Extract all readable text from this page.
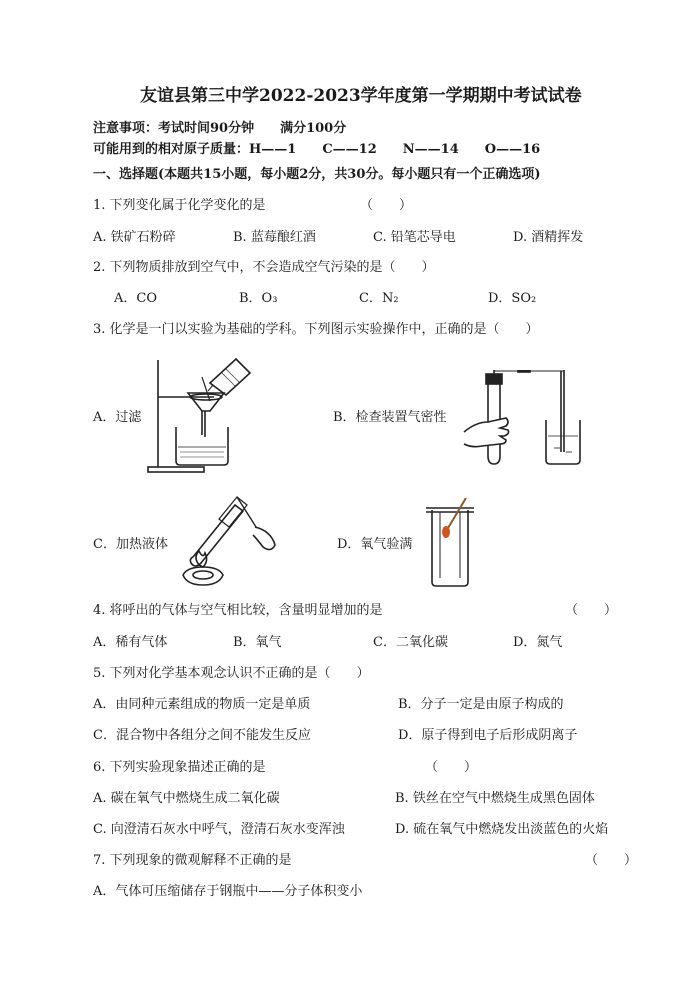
友谊县第三中学2022-2023学年度第一学期期中考试试卷
注意事项：考试时间90分钟　　满分100分
可能用到的相对原子质量：H——1　　C——12　　N——14　　O——16
一、选择题(本题共15小题，每小题2分，共30分。每小题只有一个正确选项)
1. 下列变化属于化学变化的是	（　　）
A. 铁矿石粉碎	B. 蓝莓酿红酒	C. 铅笔芯导电	D. 酒精挥发
2. 下列物质排放到空气中，不会造成空气污染的是（　　）
A．CO	B．O₃	C．N₂	D．SO₂
3. 化学是一门以实验为基础的学科。下列图示实验操作中，正确的是（　　）
A．过滤	B．检查装置气密性
C．加热液体	D．氧气验满
4. 将呼出的气体与空气相比较，含量明显增加的是	（　　）
A．稀有气体	B．氧气	C．二氧化碳	D．氮气
5. 下列对化学基本观念认识不正确的是（　　）
A．由同种元素组成的物质一定是单质	B．分子一定是由原子构成的
C．混合物中各组分之间不能发生反应	D．原子得到电子后形成阴离子
6. 下列实验现象描述正确的是	（　　）
A. 碳在氧气中燃烧生成二氧化碳	B. 铁丝在空气中燃烧生成黑色固体
C. 向澄清石灰水中呼气，澄清石灰水变浑浊	D. 硫在氧气中燃烧发出淡蓝色的火焰
7. 下列现象的微观解释不正确的是	（　　）
A．气体可压缩储存于钢瓶中——分子体积变小
